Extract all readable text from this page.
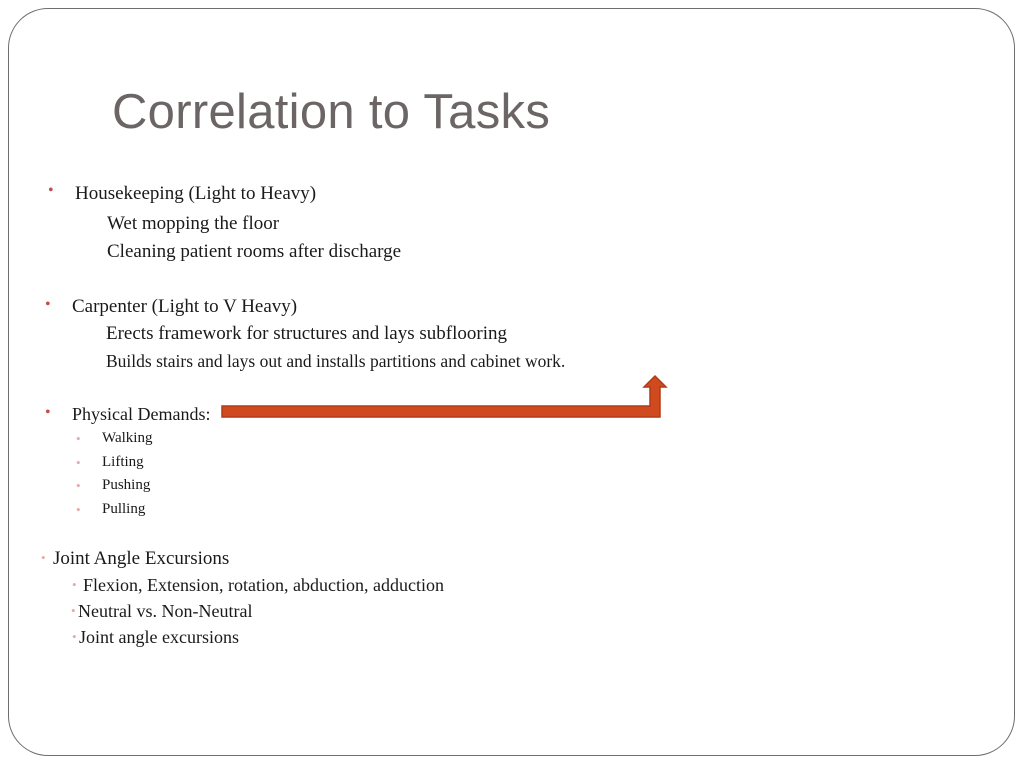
Correlation to Tasks
• Housekeeping (Light to Heavy)
Wet mopping the floor
Cleaning patient rooms after discharge
• Carpenter (Light to V Heavy)
Erects framework for structures and lays subflooring
Builds stairs and lays out and installs partitions and cabinet work.
• Physical Demands:
• Walking
• Lifting
• Pushing
• Pulling
• Joint Angle Excursions
• Flexion, Extension, rotation, abduction, adduction
• Neutral vs. Non-Neutral
• Joint angle excursions
